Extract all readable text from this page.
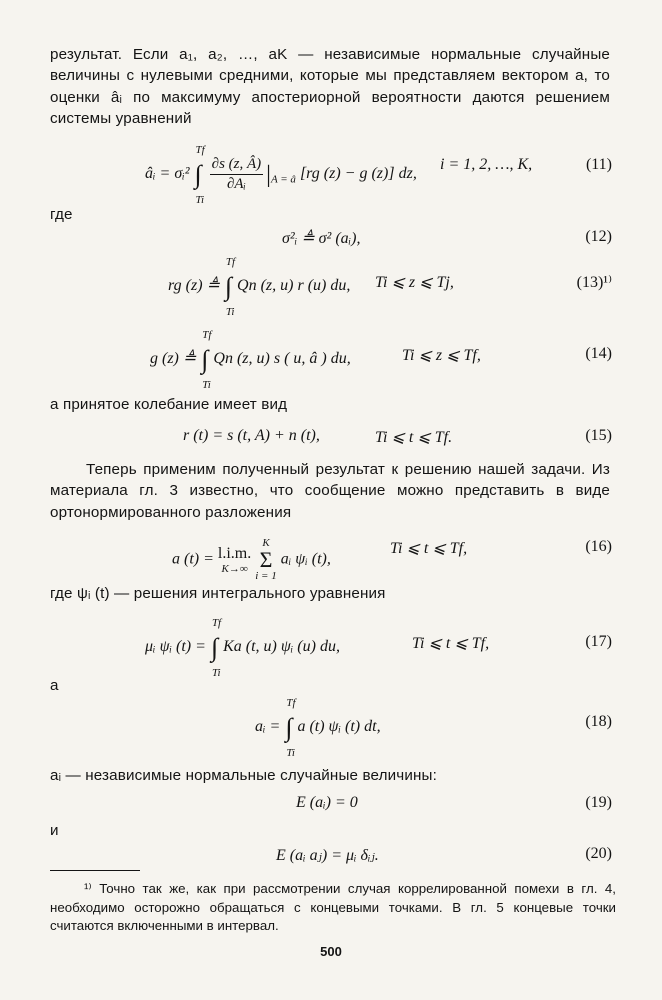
результат. Если a₁, a₂, …, aK — независимые нормальные случайные величины с нулевыми средними, которые мы представляем вектором a, то оценки âᵢ по максимуму апостериорной вероятности даются решением системы уравнений
âᵢ = σᵢ² ∫
Tf
Ti

$\frac{\partial s (z, Â)}{\text{∂Aᵢ}} |_{A = â}$ [rg (z) − g (z)] dz,
i = 1, 2, …, K,	(11)
где
σ²ᵢ ≜ σ² (aᵢ),	(12)
rg (z) ≜ ∫
Tf
Ti
Qn (z, u) r (u) du, Ti ⩽ z ⩽ Tj,	(13)¹⁾
g (z) ≜ ∫
Tf
Ti
Qn (z, u) s ( u, â ) du,	Ti ⩽ z ⩽ Tf,	(14)
а принятое колебание имеет вид
r (t) = s (t, A) + n (t),	Ti ⩽ t ⩽ Tf.	(15)
Теперь применим полученный результат к решению нашей задачи. Из материала гл. 3 известно, что сообщение можно представить в виде ортонормированного разложения
a (t) = l.i.m.
K→∞

K
Σ
i = 1
aᵢ ψᵢ (t),
Ti ⩽ t ⩽ Tf,	(16)
где ψᵢ (t) — решения интегрального уравнения
μᵢ ψᵢ (t) = ∫
Tf
Ti
Ka (t, u) ψᵢ (u) du,	Ti ⩽ t ⩽ Tf,	(17)
а
aᵢ = ∫
Tf
Ti
a (t) ψᵢ (t) dt,	(18)
aᵢ — независимые нормальные случайные величины:
E (aᵢ) = 0	(19)
и
E (aᵢ aⱼ) = μᵢ δᵢⱼ.	(20)
¹⁾ Точно так же, как при рассмотрении случая коррелированной помехи в гл. 4, необходимо осторожно обращаться с концевыми точками. В гл. 5 концевые точки считаются включенными в интервал.
500
